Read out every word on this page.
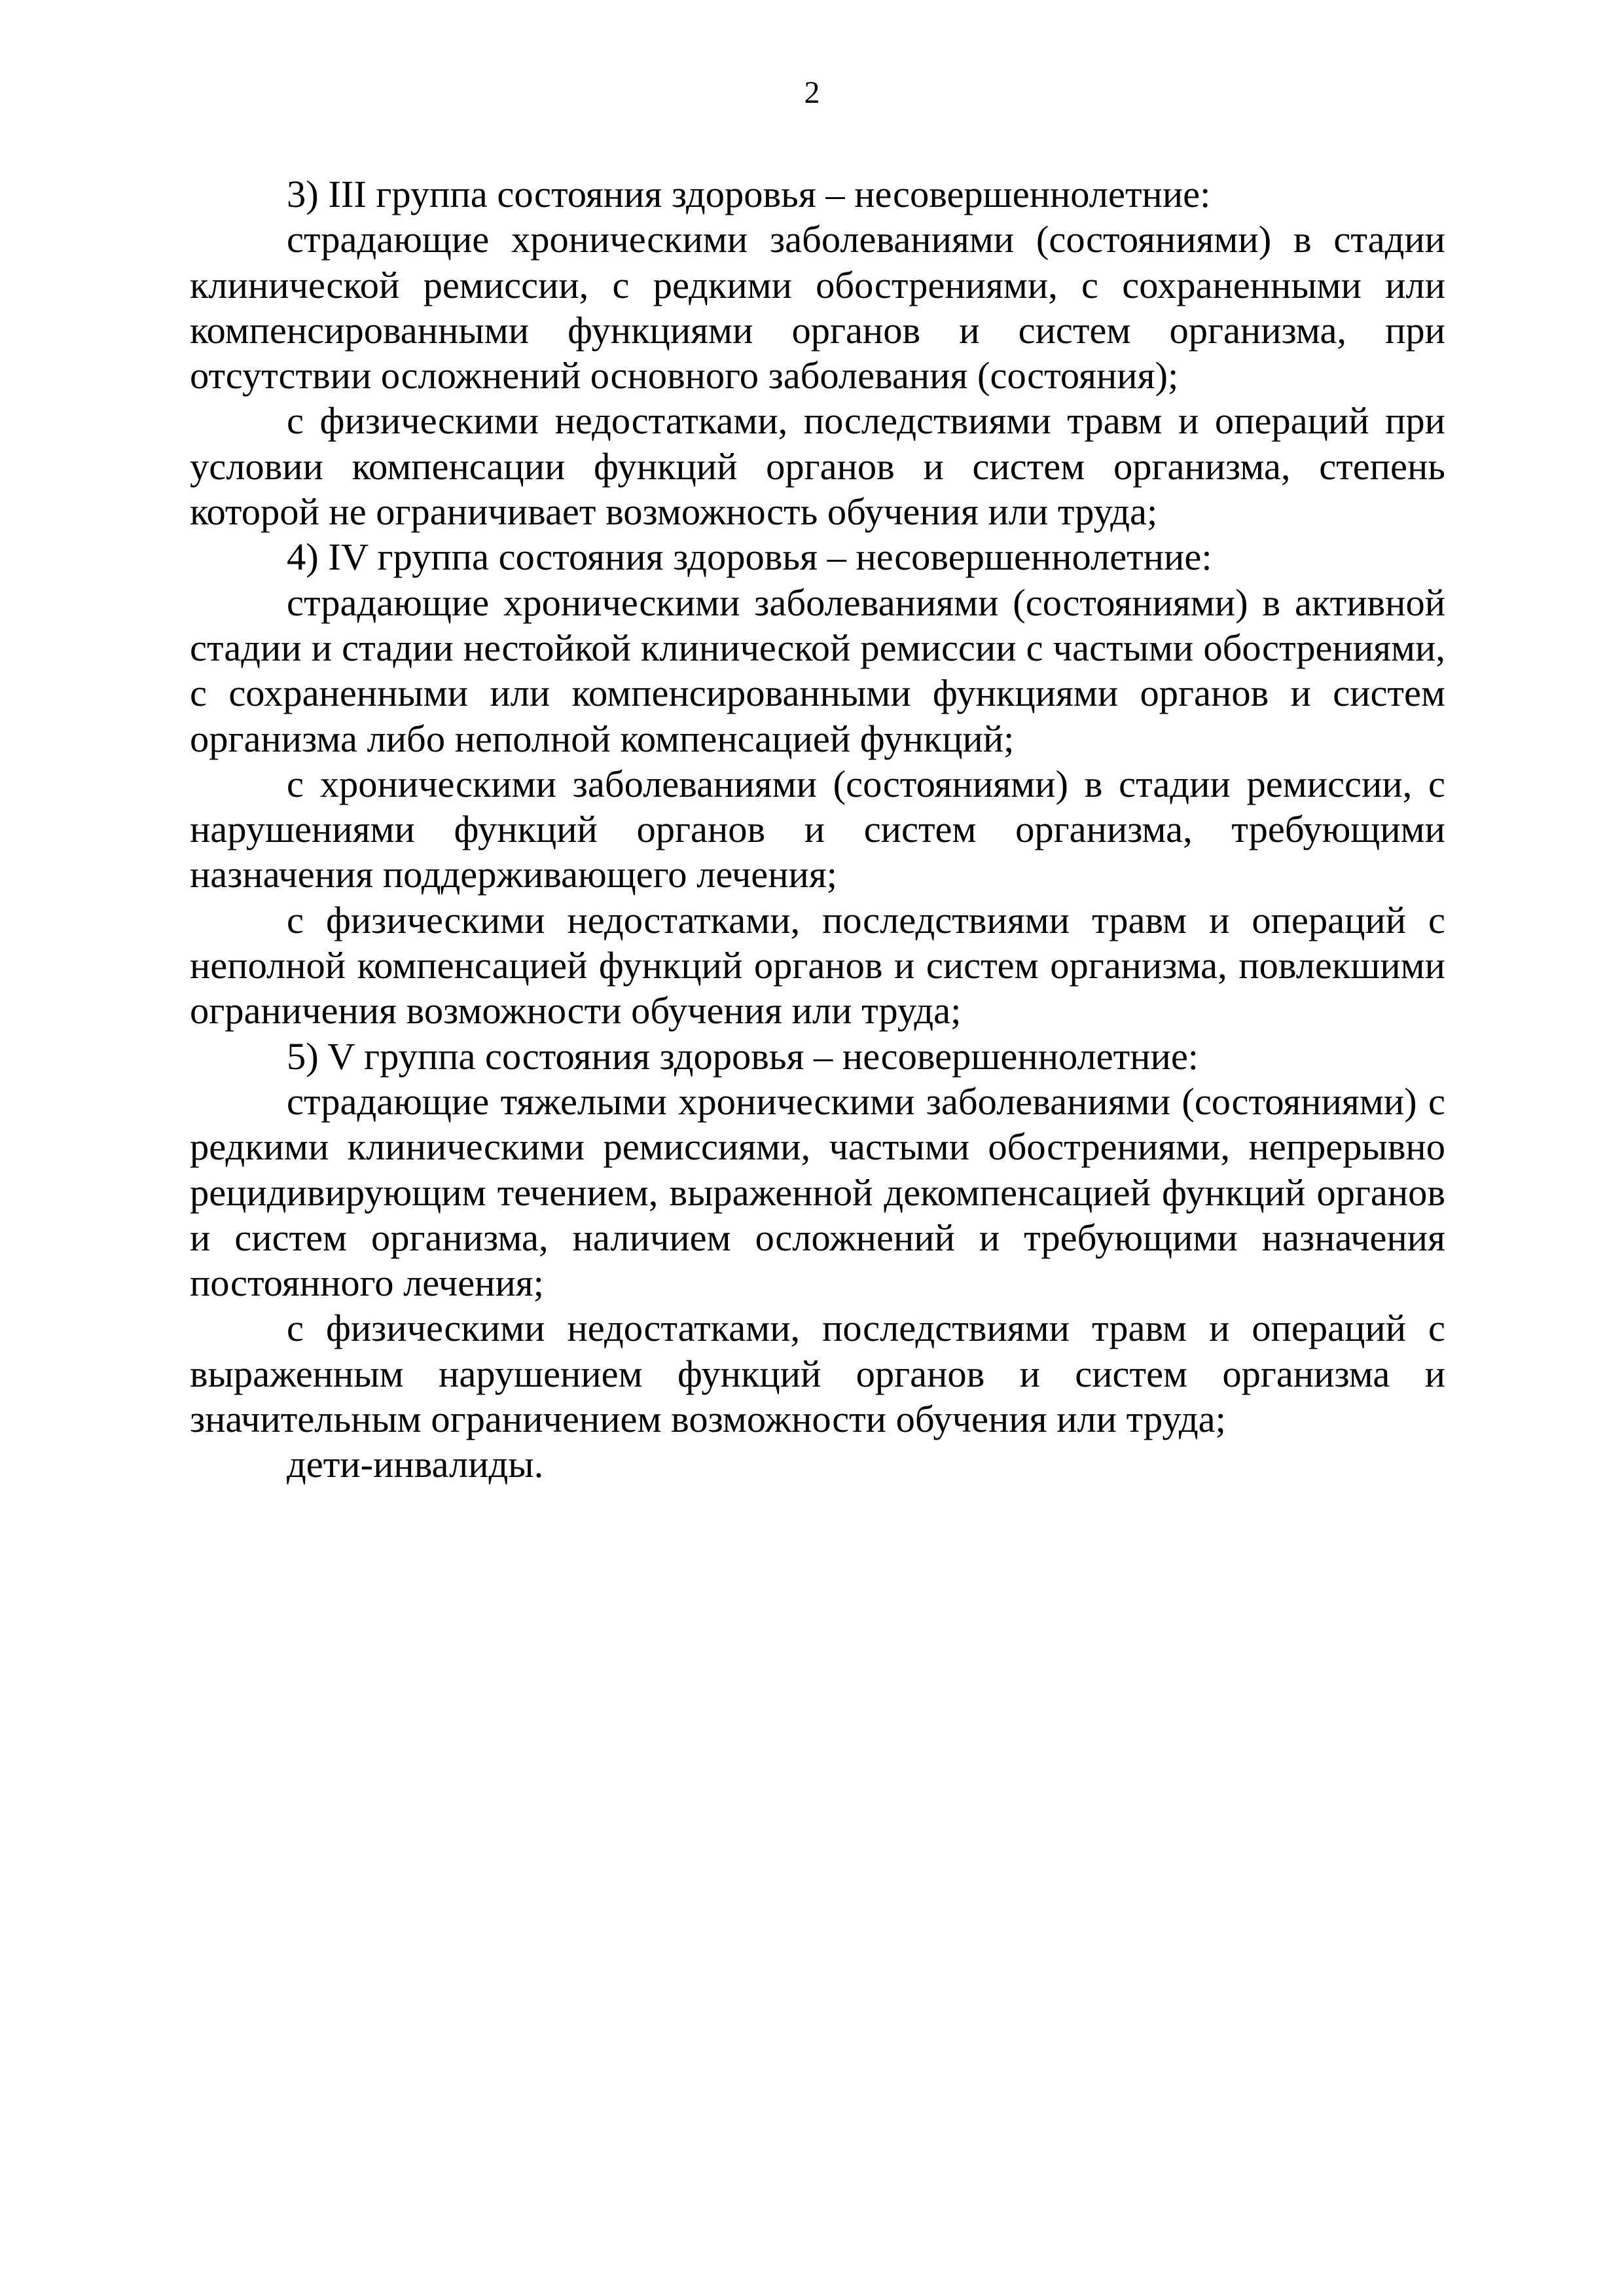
2

3) III группа состояния здоровья – несовершеннолетние:

страдающие хроническими заболеваниями (состояниями) в стадии клинической ремиссии, с редкими обострениями, с сохраненными или компенсированными функциями органов и систем организма, при отсутствии осложнений основного заболевания (состояния);

с физическими недостатками, последствиями травм и операций при условии компенсации функций органов и систем организма, степень которой не ограничивает возможность обучения или труда;

4) IV группа состояния здоровья – несовершеннолетние:

страдающие хроническими заболеваниями (состояниями) в активной стадии и стадии нестойкой клинической ремиссии с частыми обострениями, с сохраненными или компенсированными функциями органов и систем организма либо неполной компенсацией функций;

с хроническими заболеваниями (состояниями) в стадии ремиссии, с нарушениями функций органов и систем организма, требующими назначения поддерживающего лечения;

с физическими недостатками, последствиями травм и операций с неполной компенсацией функций органов и систем организма, повлекшими ограничения возможности обучения или труда;

5) V группа состояния здоровья – несовершеннолетние:

страдающие тяжелыми хроническими заболеваниями (состояниями) с редкими клиническими ремиссиями, частыми обострениями, непрерывно рецидивирующим течением, выраженной декомпенсацией функций органов и систем организма, наличием осложнений и требующими назначения постоянного лечения;

с физическими недостатками, последствиями травм и операций с выраженным нарушением функций органов и систем организма и значительным ограничением возможности обучения или труда;

дети-инвалиды.
